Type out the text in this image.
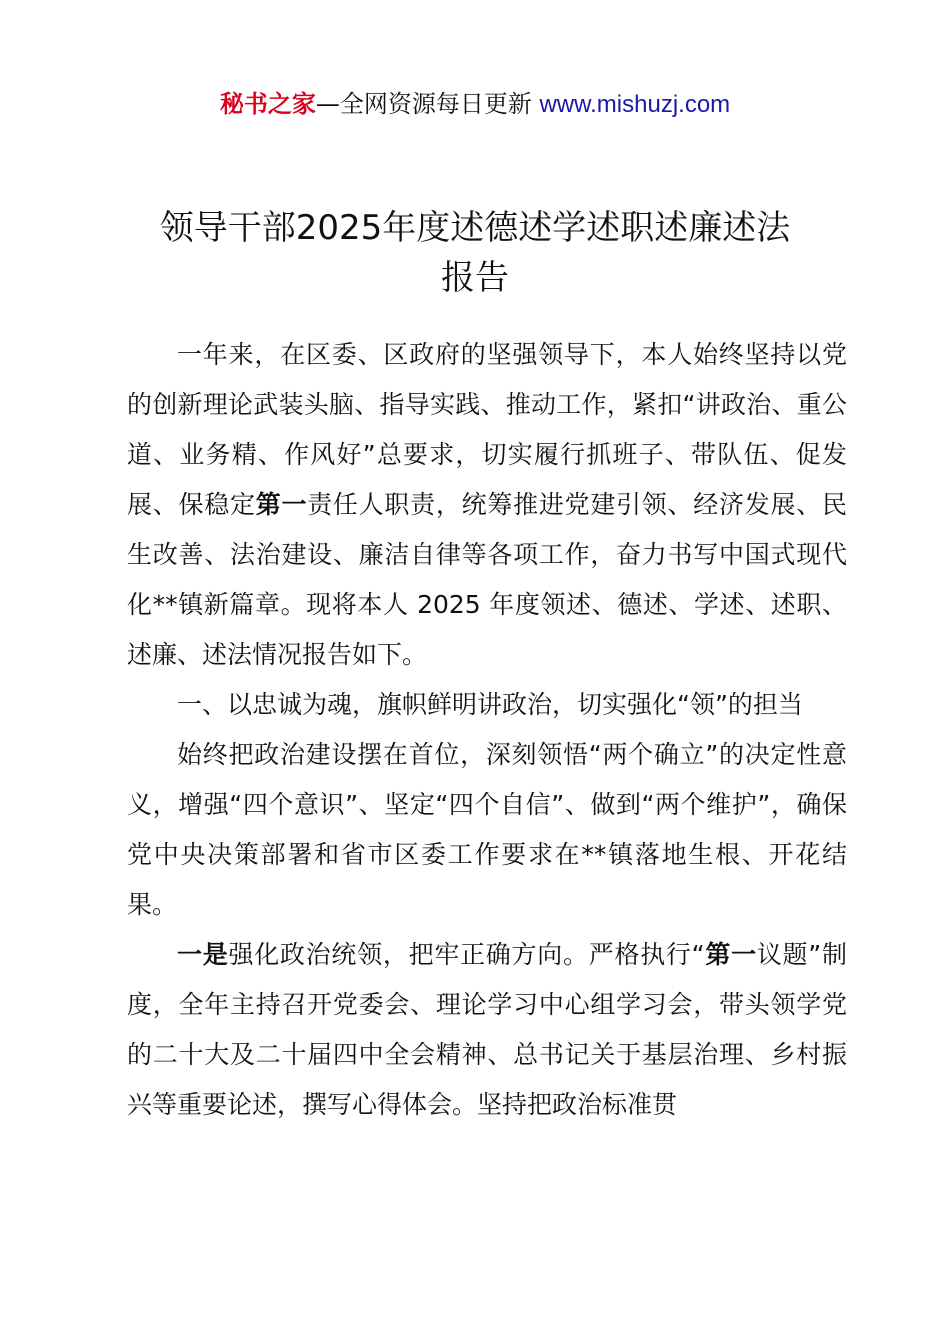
秘书之家—全网资源每日更新 www.mishuzj.com
领导干部2025年度述德述学述职述廉述法
报告

一年来，在区委、区政府的坚强领导下，本人始终坚持以党的创新理论武装头脑、指导实践、推动工作，紧扣“讲政治、重公道、业务精、作风好”总要求，切实履行抓班子、带队伍、促发展、保稳定第一责任人职责，统筹推进党建引领、经济发展、民生改善、法治建设、廉洁自律等各项工作，奋力书写中国式现代化**镇新篇章。现将本人 2025 年度领述、德述、学述、述职、述廉、述法情况报告如下。

一、以忠诚为魂，旗帜鲜明讲政治，切实强化“领”的担当

始终把政治建设摆在首位，深刻领悟“两个确立”的决定性意义，增强“四个意识”、坚定“四个自信”、做到“两个维护”，确保党中央决策部署和省市区委工作要求在**镇落地生根、开花结果。

一是强化政治统领，把牢正确方向。严格执行“第一议题”制度，全年主持召开党委会、理论学习中心组学习会，带头领学党的二十大及二十届四中全会精神、总书记关于基层治理、乡村振兴等重要论述，撰写心得体会。坚持把政治标准贯
